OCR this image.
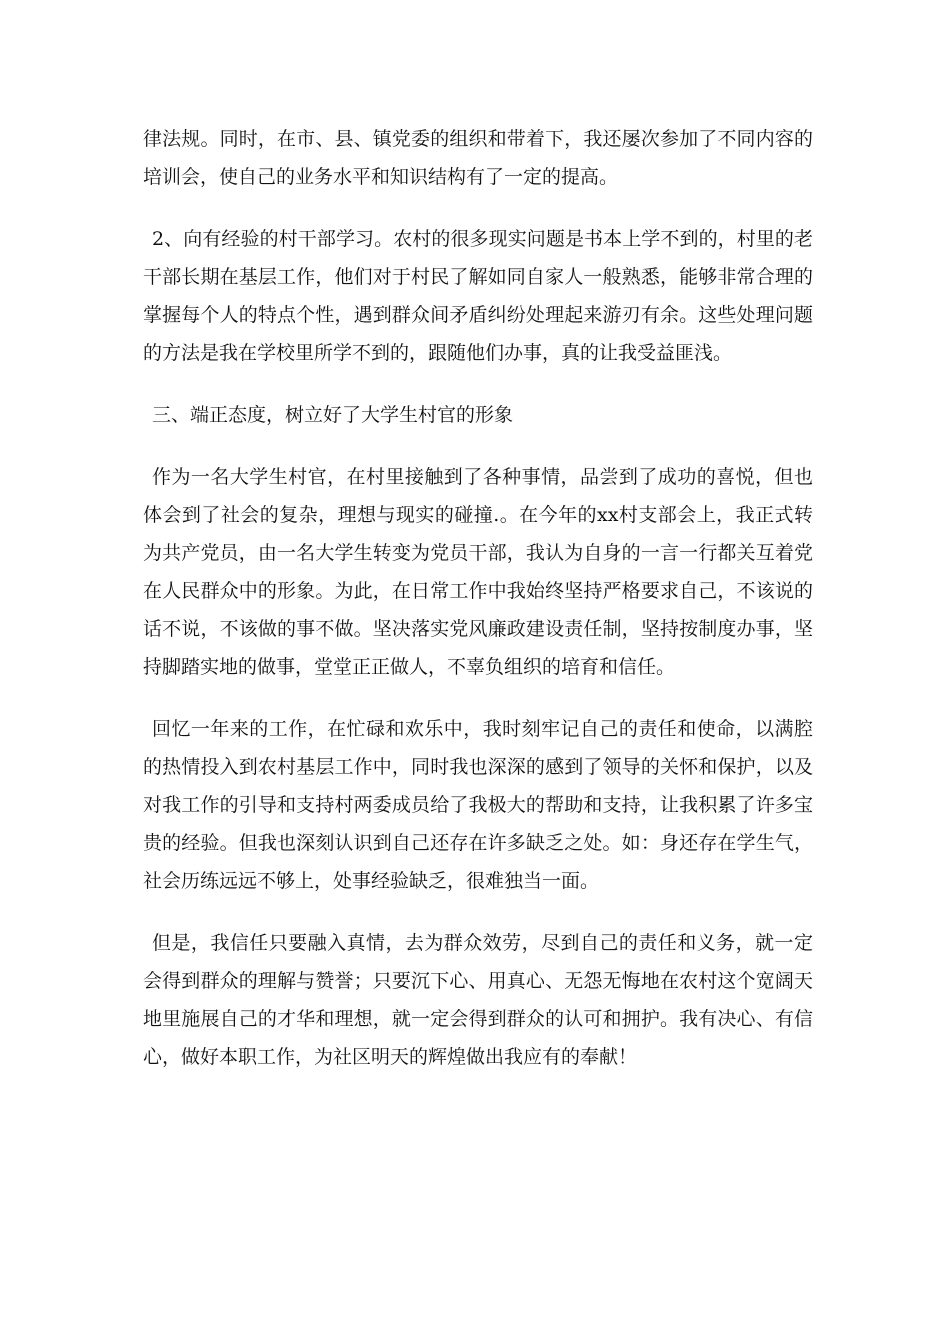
律法规。同时，在市、县、镇党委的组织和带着下，我还屡次参加了不同内容的培训会，使自己的业务水平和知识结构有了一定的提高。

2、向有经验的村干部学习。农村的很多现实问题是书本上学不到的，村里的老干部长期在基层工作，他们对于村民了解如同自家人一般熟悉，能够非常合理的掌握每个人的特点个性，遇到群众间矛盾纠纷处理起来游刃有余。这些处理问题的方法是我在学校里所学不到的，跟随他们办事，真的让我受益匪浅。

三、端正态度，树立好了大学生村官的形象

作为一名大学生村官，在村里接触到了各种事情，品尝到了成功的喜悦，但也体会到了社会的复杂，理想与现实的碰撞.。在今年的xx村支部会上，我正式转为共产党员，由一名大学生转变为党员干部，我认为自身的一言一行都关互着党在人民群众中的形象。为此，在日常工作中我始终坚持严格要求自己，不该说的话不说，不该做的事不做。坚决落实党风廉政建设责任制，坚持按制度办事，坚持脚踏实地的做事，堂堂正正做人，不辜负组织的培育和信任。

回忆一年来的工作，在忙碌和欢乐中，我时刻牢记自己的责任和使命，以满腔的热情投入到农村基层工作中，同时我也深深的感到了领导的关怀和保护，以及对我工作的引导和支持村两委成员给了我极大的帮助和支持，让我积累了许多宝贵的经验。但我也深刻认识到自己还存在许多缺乏之处。如：身还存在学生气，社会历练远远不够上，处事经验缺乏，很难独当一面。

但是，我信任只要融入真情，去为群众效劳，尽到自己的责任和义务，就一定会得到群众的理解与赞誉；只要沉下心、用真心、无怨无悔地在农村这个宽阔天地里施展自己的才华和理想，就一定会得到群众的认可和拥护。我有决心、有信心，做好本职工作，为社区明天的辉煌做出我应有的奉献！
